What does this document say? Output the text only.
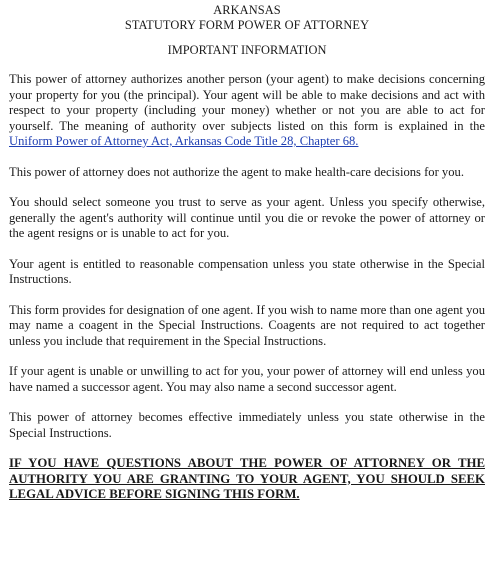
ARKANSAS
STATUTORY FORM POWER OF ATTORNEY
IMPORTANT INFORMATION

This power of attorney authorizes another person (your agent) to make decisions concerning your property for you (the principal). Your agent will be able to make decisions and act with respect to your property (including your money) whether or not you are able to act for yourself. The meaning of authority over subjects listed on this form is explained in the Uniform Power of Attorney Act, Arkansas Code Title 28, Chapter 68.

This power of attorney does not authorize the agent to make health-care decisions for you.

You should select someone you trust to serve as your agent. Unless you specify otherwise, generally the agent's authority will continue until you die or revoke the power of attorney or the agent resigns or is unable to act for you.

Your agent is entitled to reasonable compensation unless you state otherwise in the Special Instructions.

This form provides for designation of one agent. If you wish to name more than one agent you may name a coagent in the Special Instructions. Coagents are not required to act together unless you include that requirement in the Special Instructions.

If your agent is unable or unwilling to act for you, your power of attorney will end unless you have named a successor agent. You may also name a second successor agent.

This power of attorney becomes effective immediately unless you state otherwise in the Special Instructions.

IF YOU HAVE QUESTIONS ABOUT THE POWER OF ATTORNEY OR THE AUTHORITY YOU ARE GRANTING TO YOUR AGENT, YOU SHOULD SEEK LEGAL ADVICE BEFORE SIGNING THIS FORM.
